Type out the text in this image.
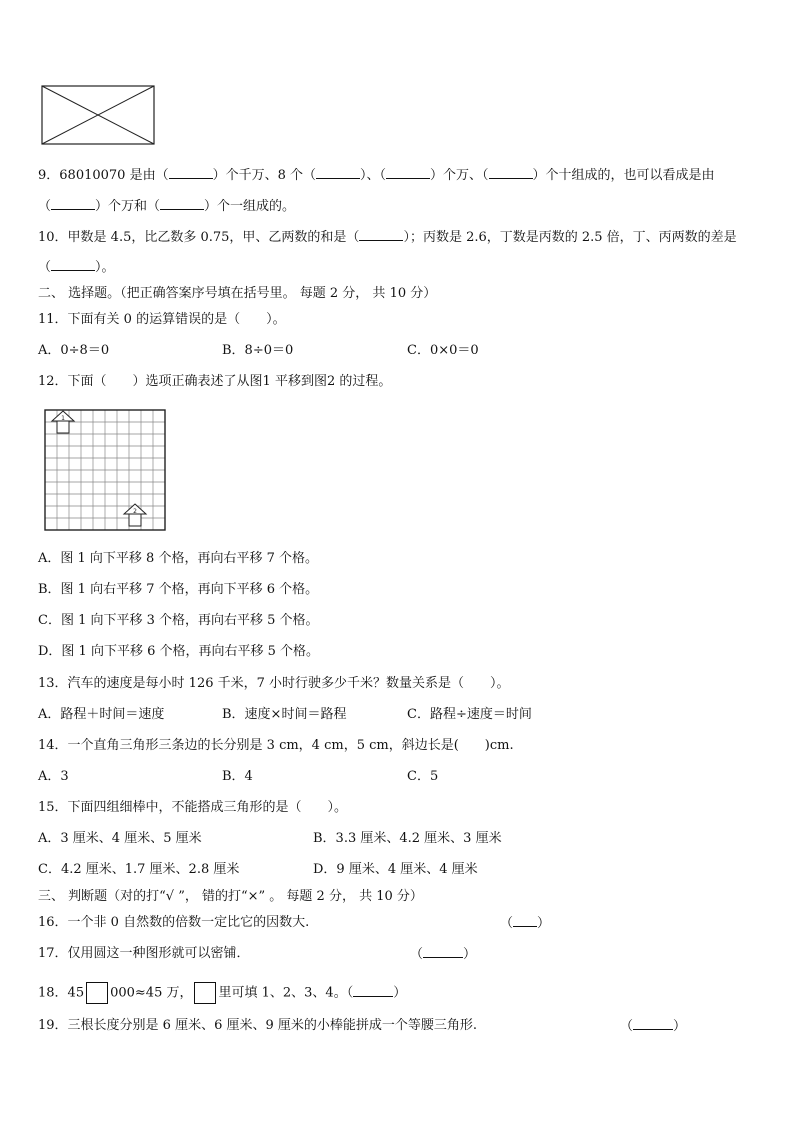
9．68010070 是由（	）个千万、8 个（	）、（	）个万、（	）个十组成的，也可以看成是由
（	）个万和（	）个一组成的。
10．甲数是 4.5，比乙数多 0.75，甲、乙两数的和是（	）；丙数是 2.6，丁数是丙数的 2.5 倍，丁、丙两数的差是
（	）。
二、 选择题。（把正确答案序号填在括号里。 每题 2 分， 共 10 分）
11．下面有关 0 的运算错误的是（　　）。
A．0÷8＝0	B．8÷0＝0	C．0×0＝0
12．下面（　　）选项正确表述了从图1 平移到图2 的过程。
1
2
A．图 1 向下平移 8 个格，再向右平移 7 个格。
B．图 1 向右平移 7 个格，再向下平移 6 个格。
C．图 1 向下平移 3 个格，再向右平移 5 个格。
D．图 1 向下平移 6 个格，再向右平移 5 个格。
13．汽车的速度是每小时 126 千米，7 小时行驶多少千米？数量关系是（　　）。
A．路程＋时间＝速度	B．速度×时间＝路程	C．路程÷速度＝时间
14．一个直角三角形三条边的长分别是 3 cm，4 cm，5 cm，斜边长是(　　)cm.
A．3	B．4	C．5
15．下面四组细棒中，不能搭成三角形的是（　　）。
A．3 厘米、4 厘米、5 厘米	B．3.3 厘米、4.2 厘米、3 厘米
C．4.2 厘米、1.7 厘米、2.8 厘米	D．9 厘米、4 厘米、4 厘米
三、 判断题（对的打“√ ”， 错的打“×” 。 每题 2 分， 共 10 分）
16．一个非 0 自然数的倍数一定比它的因数大.	（ ）
17．仅用圆这一种图形就可以密铺．	（	）
18．45 000≈45 万， 里可填 1、2、3、4。（	）
19．三根长度分别是 6 厘米、6 厘米、9 厘米的小棒能拼成一个等腰三角形.	（	）
